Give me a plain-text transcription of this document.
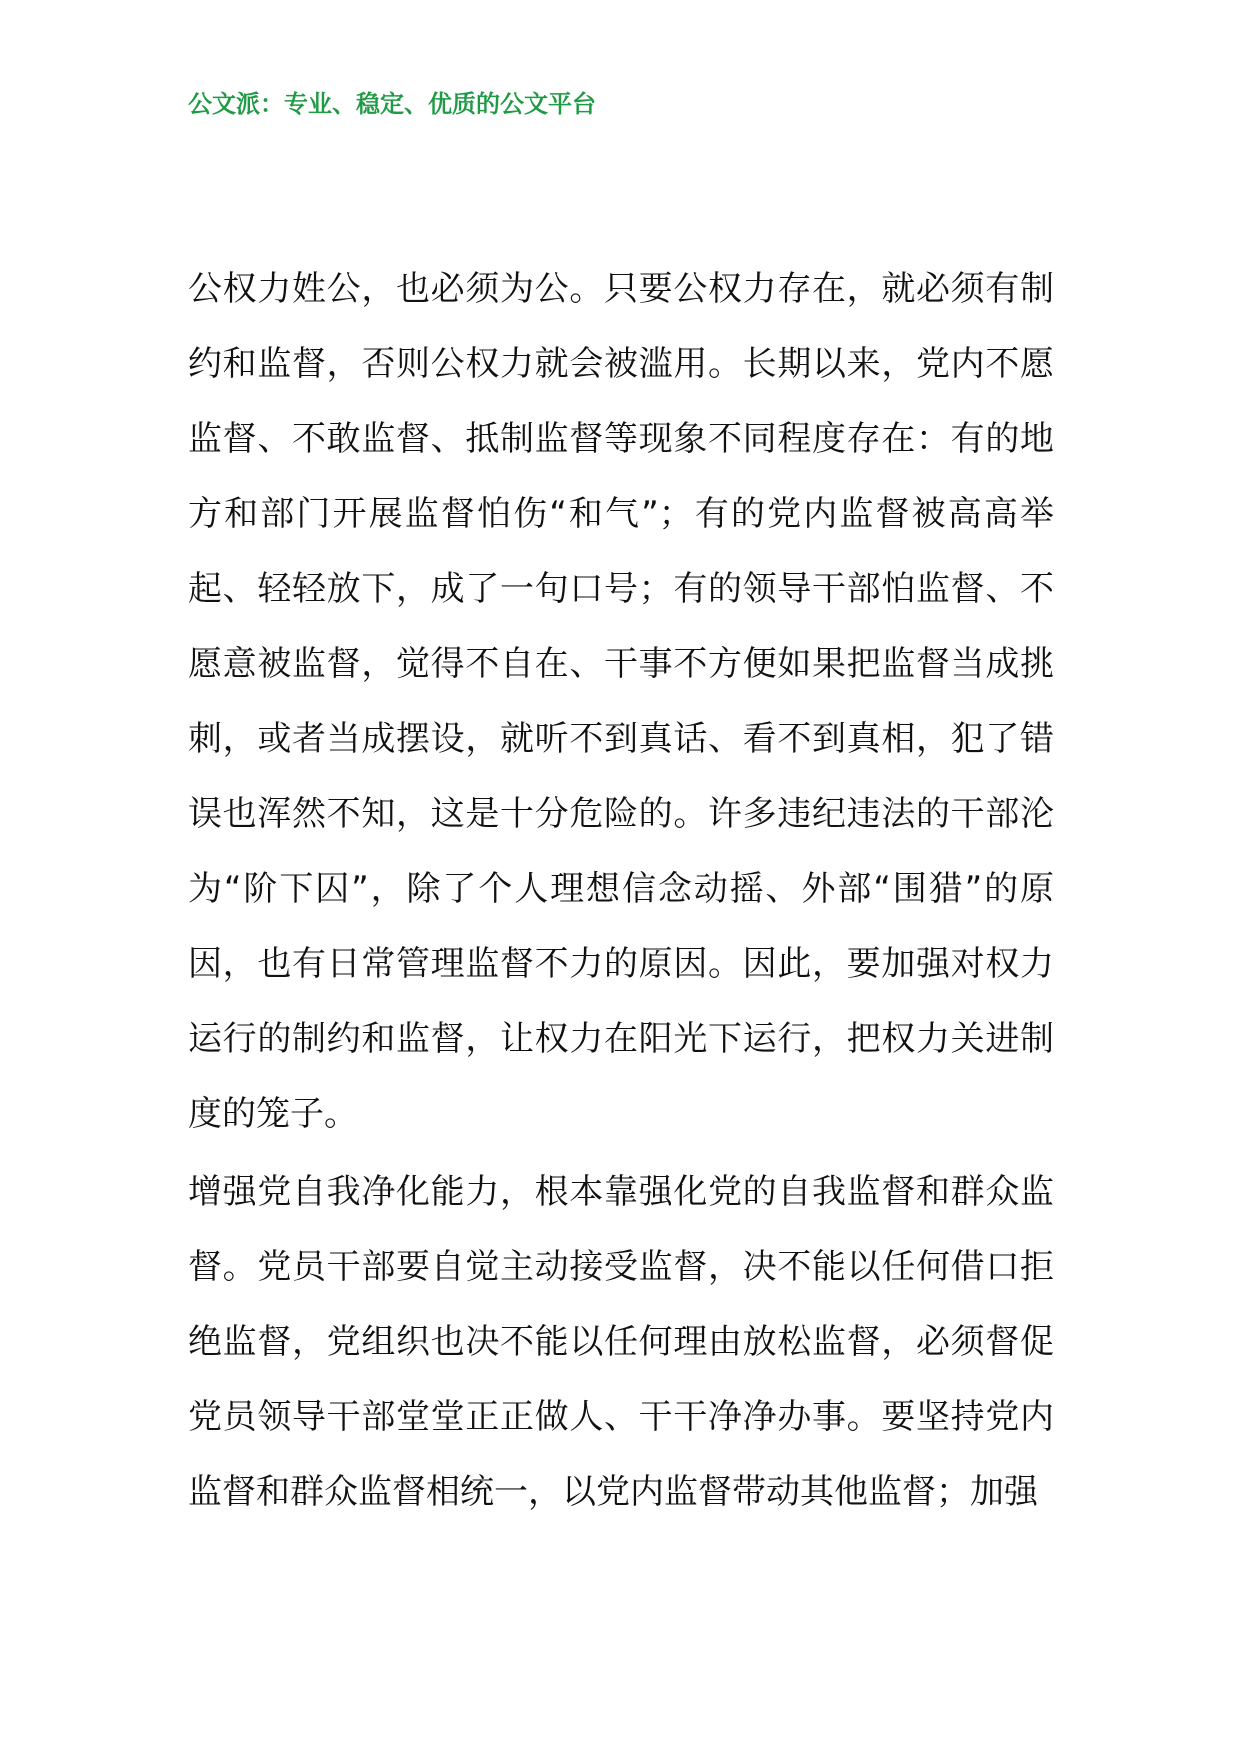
公文派：专业、稳定、优质的公文平台

公权力姓公，也必须为公。只要公权力存在，就必须有制约和监督，否则公权力就会被滥用。长期以来，党内不愿监督、不敢监督、抵制监督等现象不同程度存在：有的地方和部门开展监督怕伤“和气”；有的党内监督被高高举起、轻轻放下，成了一句口号；有的领导干部怕监督、不愿意被监督，觉得不自在、干事不方便如果把监督当成挑刺，或者当成摆设，就听不到真话、看不到真相，犯了错误也浑然不知，这是十分危险的。许多违纪违法的干部沦为“阶下囚”，除了个人理想信念动摇、外部“围猎”的原因，也有日常管理监督不力的原因。因此，要加强对权力运行的制约和监督，让权力在阳光下运行，把权力关进制度的笼子。

增强党自我净化能力，根本靠强化党的自我监督和群众监督。党员干部要自觉主动接受监督，决不能以任何借口拒绝监督，党组织也决不能以任何理由放松监督，必须督促党员领导干部堂堂正正做人、干干净净办事。要坚持党内监督和群众监督相统一，以党内监督带动其他监督；加强
